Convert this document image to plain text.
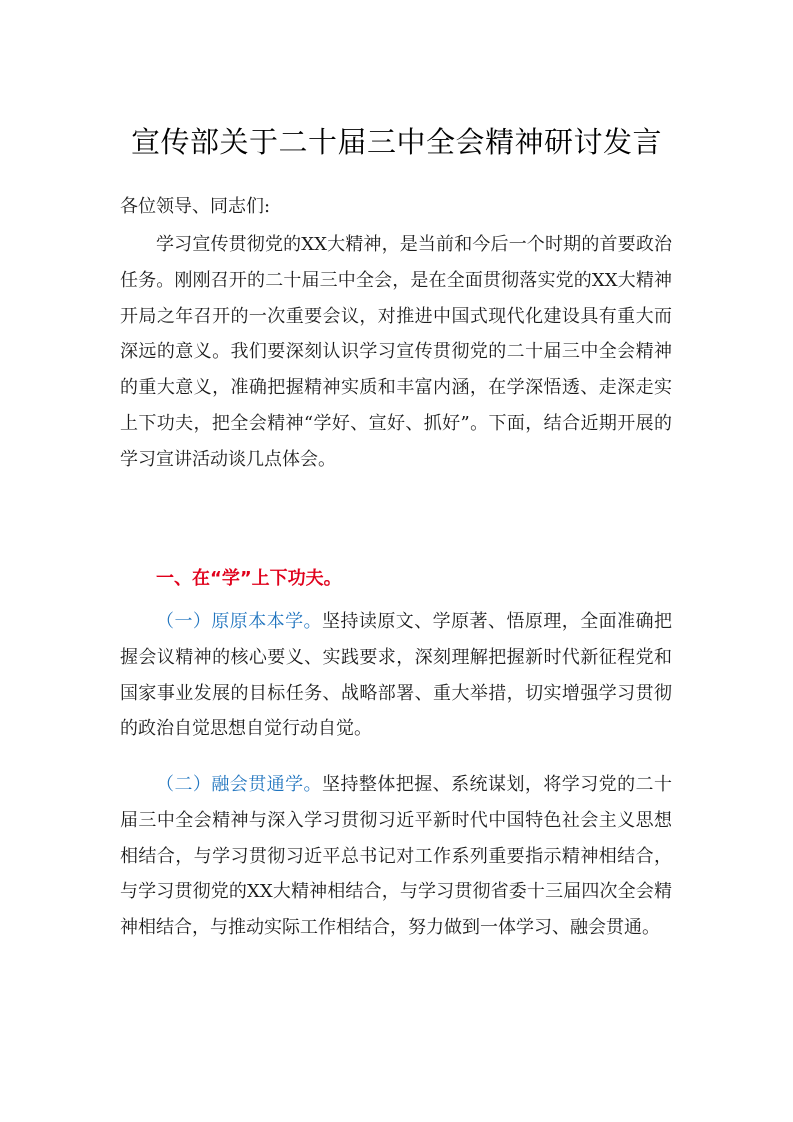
宣传部关于二十届三中全会精神研讨发言
各位领导、同志们:
学习宣传贯彻党的XX大精神，是当前和今后一个时期的首要政治任务。刚刚召开的二十届三中全会，是在全面贯彻落实党的XX大精神开局之年召开的一次重要会议，对推进中国式现代化建设具有重大而深远的意义。我们要深刻认识学习宣传贯彻党的二十届三中全会精神的重大意义，准确把握精神实质和丰富内涵，在学深悟透、走深走实上下功夫，把全会精神“学好、宣好、抓好”。下面，结合近期开展的学习宣讲活动谈几点体会。
一、在“学”上下功夫。
（一）原原本本学。坚持读原文、学原著、悟原理，全面准确把握会议精神的核心要义、实践要求，深刻理解把握新时代新征程党和国家事业发展的目标任务、战略部署、重大举措，切实增强学习贯彻的政治自觉思想自觉行动自觉。
（二）融会贯通学。坚持整体把握、系统谋划，将学习党的二十届三中全会精神与深入学习贯彻习近平新时代中国特色社会主义思想相结合，与学习贯彻习近平总书记对工作系列重要指示精神相结合，与学习贯彻党的XX大精神相结合，与学习贯彻省委十三届四次全会精神相结合，与推动实际工作相结合，努力做到一体学习、融会贯通。
